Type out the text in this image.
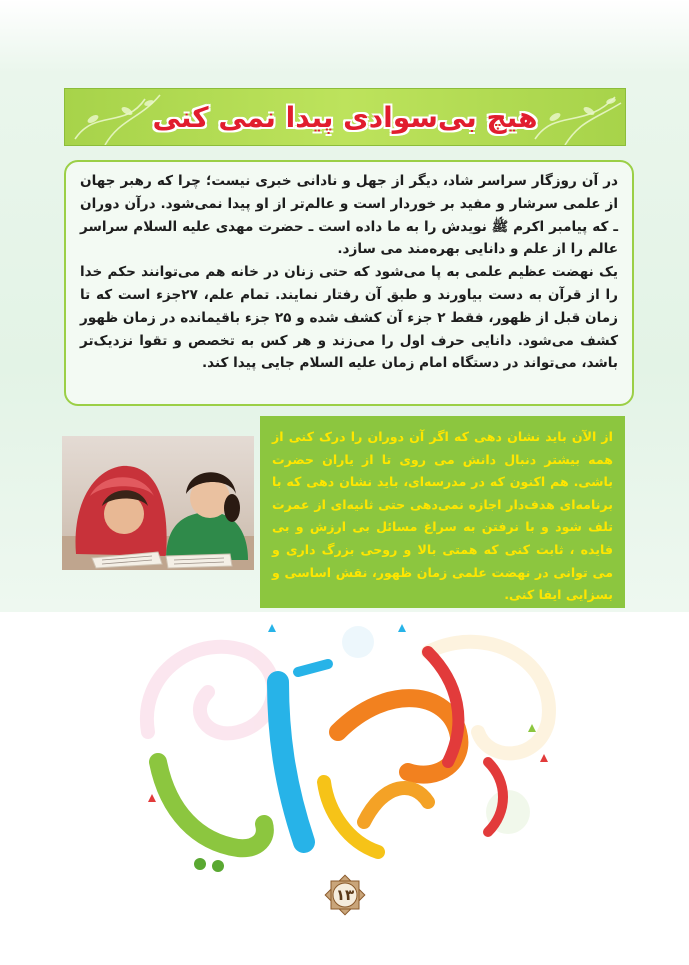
هیچ بی‌سوادی پیدا نمی کنی

در آن روزگار سراسر شاد، دیگر از جهل و نادانی خبری نیست؛ چرا که رهبر جهان از علمی سرشار و مفید بر خوردار است و عالم‌تر از او پیدا نمی‌شود. درآن دوران ـ که پیامبر اکرم ﷺ نویدش را به ما داده است ـ حضرت مهدی عليه السلام سراسر عالم را از علم و دانایی بهره‌مند می سازد.

یک نهضت عظیم علمی به پا می‌شود که حتی زنان در خانه هم می‌توانند حکم خدا را از قرآن به دست بیاورند و طبق آن رفتار نمایند. تمام علم، ۲۷جزء است که تا زمان قبل از ظهور، فقط ۲ جزء آن کشف شده و ۲۵ جزء باقیمانده در زمان ظهور کشف می‌شود. دانایی حرف اول را می‌زند و هر کس به تخصص و تقوا نزدیک‌تر باشد، می‌تواند در دستگاه امام زمان عليه السلام جایی پیدا کند.

از الآن باید نشان دهی که اگر آن دوران را درک کنی از همه بیشتر دنبال دانش می روی تا از یاران حضرت باشی. هم اکنون که در مدرسه‌ای، باید نشان دهی که با برنامه‌ای هدف‌دار اجازه نمی‌دهی حتی ثانیه‌ای از عمرت تلف شود و با نرفتن به سراغ مسائل بی ارزش و بی فایده ، ثابت کنی که همتی بالا و روحی بزرگ داری و می توانی در نهضت علمی زمان ظهور، نقش اساسی و بسزایی ایفا کنی.

۱۳
